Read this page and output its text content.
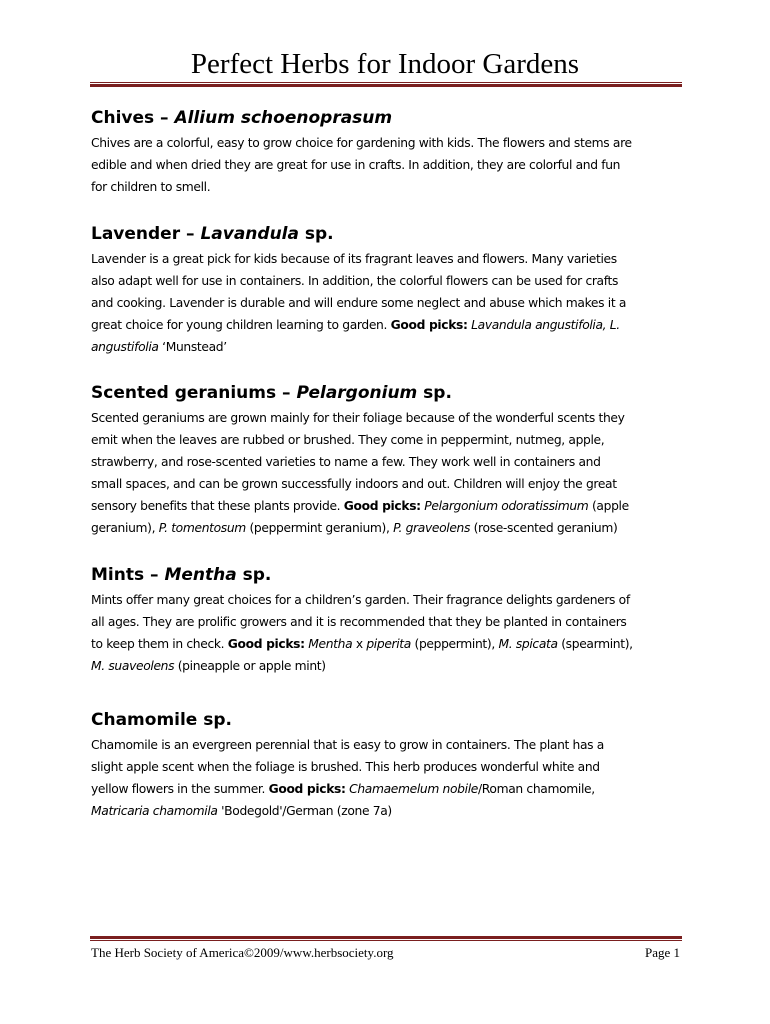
Perfect Herbs for Indoor Gardens
Chives – Allium schoenoprasum

Chives are a colorful, easy to grow choice for gardening with kids. The flowers and stems are
edible and when dried they are great for use in crafts. In addition, they are colorful and fun
for children to smell.

Lavender – Lavandula sp.

Lavender is a great pick for kids because of its fragrant leaves and flowers. Many varieties
also adapt well for use in containers. In addition, the colorful flowers can be used for crafts
and cooking. Lavender is durable and will endure some neglect and abuse which makes it a
great choice for young children learning to garden. Good picks: Lavandula angustifolia, L.
angustifolia ‘Munstead’

Scented geraniums – Pelargonium sp.

Scented geraniums are grown mainly for their foliage because of the wonderful scents they
emit when the leaves are rubbed or brushed. They come in peppermint, nutmeg, apple,
strawberry, and rose-scented varieties to name a few. They work well in containers and
small spaces, and can be grown successfully indoors and out. Children will enjoy the great
sensory benefits that these plants provide. Good picks: Pelargonium odoratissimum (apple
geranium), P. tomentosum (peppermint geranium), P. graveolens (rose-scented geranium)

Mints – Mentha sp.

Mints offer many great choices for a children’s garden. Their fragrance delights gardeners of
all ages. They are prolific growers and it is recommended that they be planted in containers
to keep them in check. Good picks: Mentha x piperita (peppermint), M. spicata (spearmint),
M. suaveolens (pineapple or apple mint)

Chamomile sp.

Chamomile is an evergreen perennial that is easy to grow in containers. The plant has a
slight apple scent when the foliage is brushed. This herb produces wonderful white and
yellow flowers in the summer. Good picks: Chamaemelum nobile/Roman chamomile,
Matricaria chamomila 'Bodegold'/German (zone 7a)

The Herb Society of America©2009/www.herbsociety.org	Page 1
